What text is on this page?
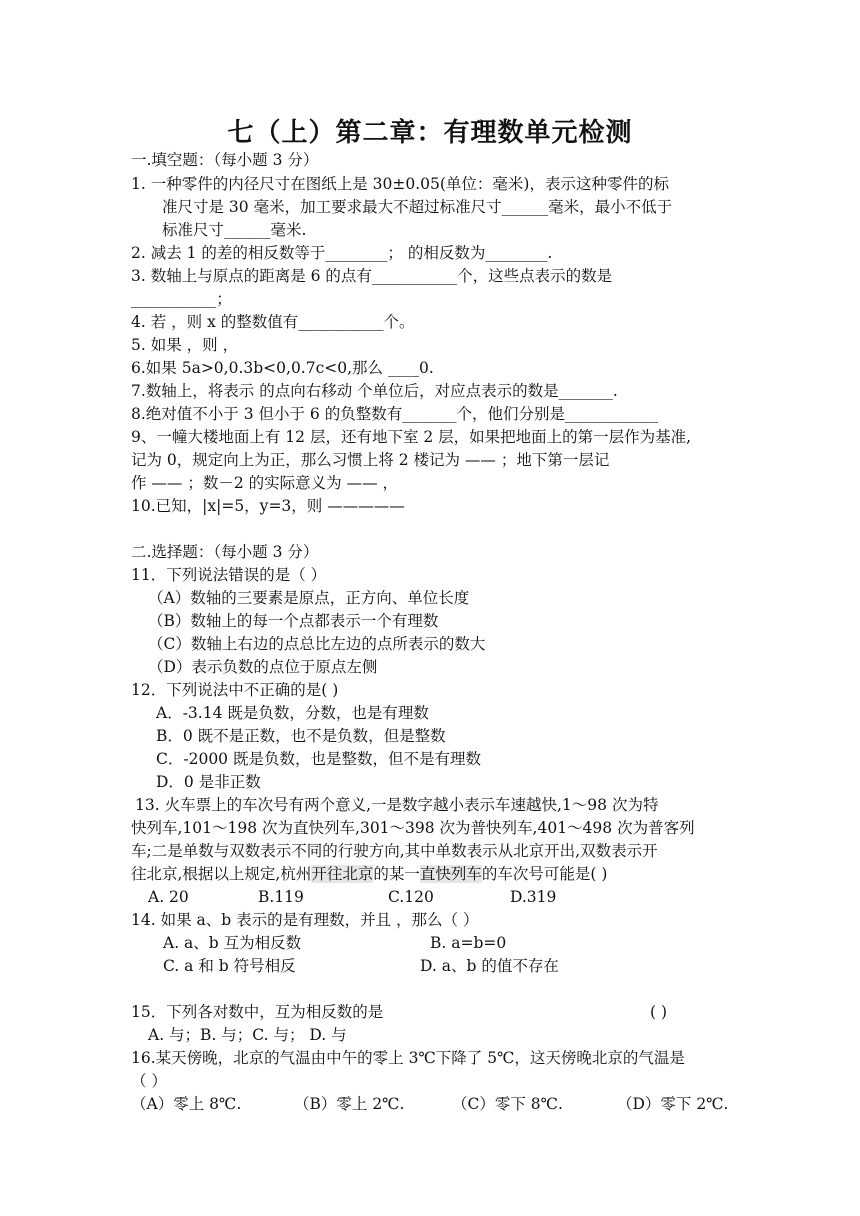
七（上）第二章：有理数单元检测
一.填空题：（每小题 3 分）
1. 一种零件的内径尺寸在图纸上是 30±0.05(单位：毫米)，表示这种零件的标
准尺寸是 30 毫米，加工要求最大不超过标准尺寸______毫米，最小不低于
标准尺寸______毫米.
2. 减去 1 的差的相反数等于________； 的相反数为________.
3. 数轴上与原点的距离是 6 的点有___________个，这些点表示的数是
___________；
4. 若 ，则 x 的整数值有___________个。
5. 如果 ，则 ，
6.如果 5a>0,0.3b<0,0.7c<0,那么 ____0.
7.数轴上，将表示 的点向右移动 个单位后，对应点表示的数是_______.
8.绝对值不小于 3 但小于 6 的负整数有_______个，他们分别是____________
9、一幢大楼地面上有 12 层，还有地下室 2 层，如果把地面上的第一层作为基准,
记为 0，规定向上为正，那么习惯上将 2 楼记为 —— ；地下第一层记
作 —— ；数－2 的实际意义为 —— ，
10.已知，|x|=5，y=3，则 —————
二.选择题：（每小题 3 分）
11．下列说法错误的是（ ）
（A）数轴的三要素是原点，正方向、单位长度
（B）数轴上的每一个点都表示一个有理数
（C）数轴上右边的点总比左边的点所表示的数大
（D）表示负数的点位于原点左侧
12．下列说法中不正确的是( )
A．-3.14 既是负数，分数，也是有理数
B．0 既不是正数，也不是负数，但是整数
C．-2000 既是负数，也是整数，但不是有理数
D．0 是非正数
13. 火车票上的车次号有两个意义,一是数字越小表示车速越快,1～98 次为特
快列车,101～198 次为直快列车,301～398 次为普快列车,401～498 次为普客列
车;二是单数与双数表示不同的行驶方向,其中单数表示从北京开出,双数表示开
往北京,根据以上规定,杭州开往北京的某一直快列车的车次号可能是( )
A. 20	B.119	C.120	D.319
14. 如果 a、b 表示的是有理数，并且 ，那么（ ）
A. a、b 互为相反数	B. a=b=0
C. a 和 b 符号相反	D. a、b 的值不存在
15．下列各对数中，互为相反数的是	( )
A. 与；B. 与；C. 与； D. 与
16.某天傍晚，北京的气温由中午的零上 3℃下降了 5℃，这天傍晚北京的气温是
（ ）
（A）零上 8℃.	（B）零上 2℃.	（C）零下 8℃.	（D）零下 2℃.
